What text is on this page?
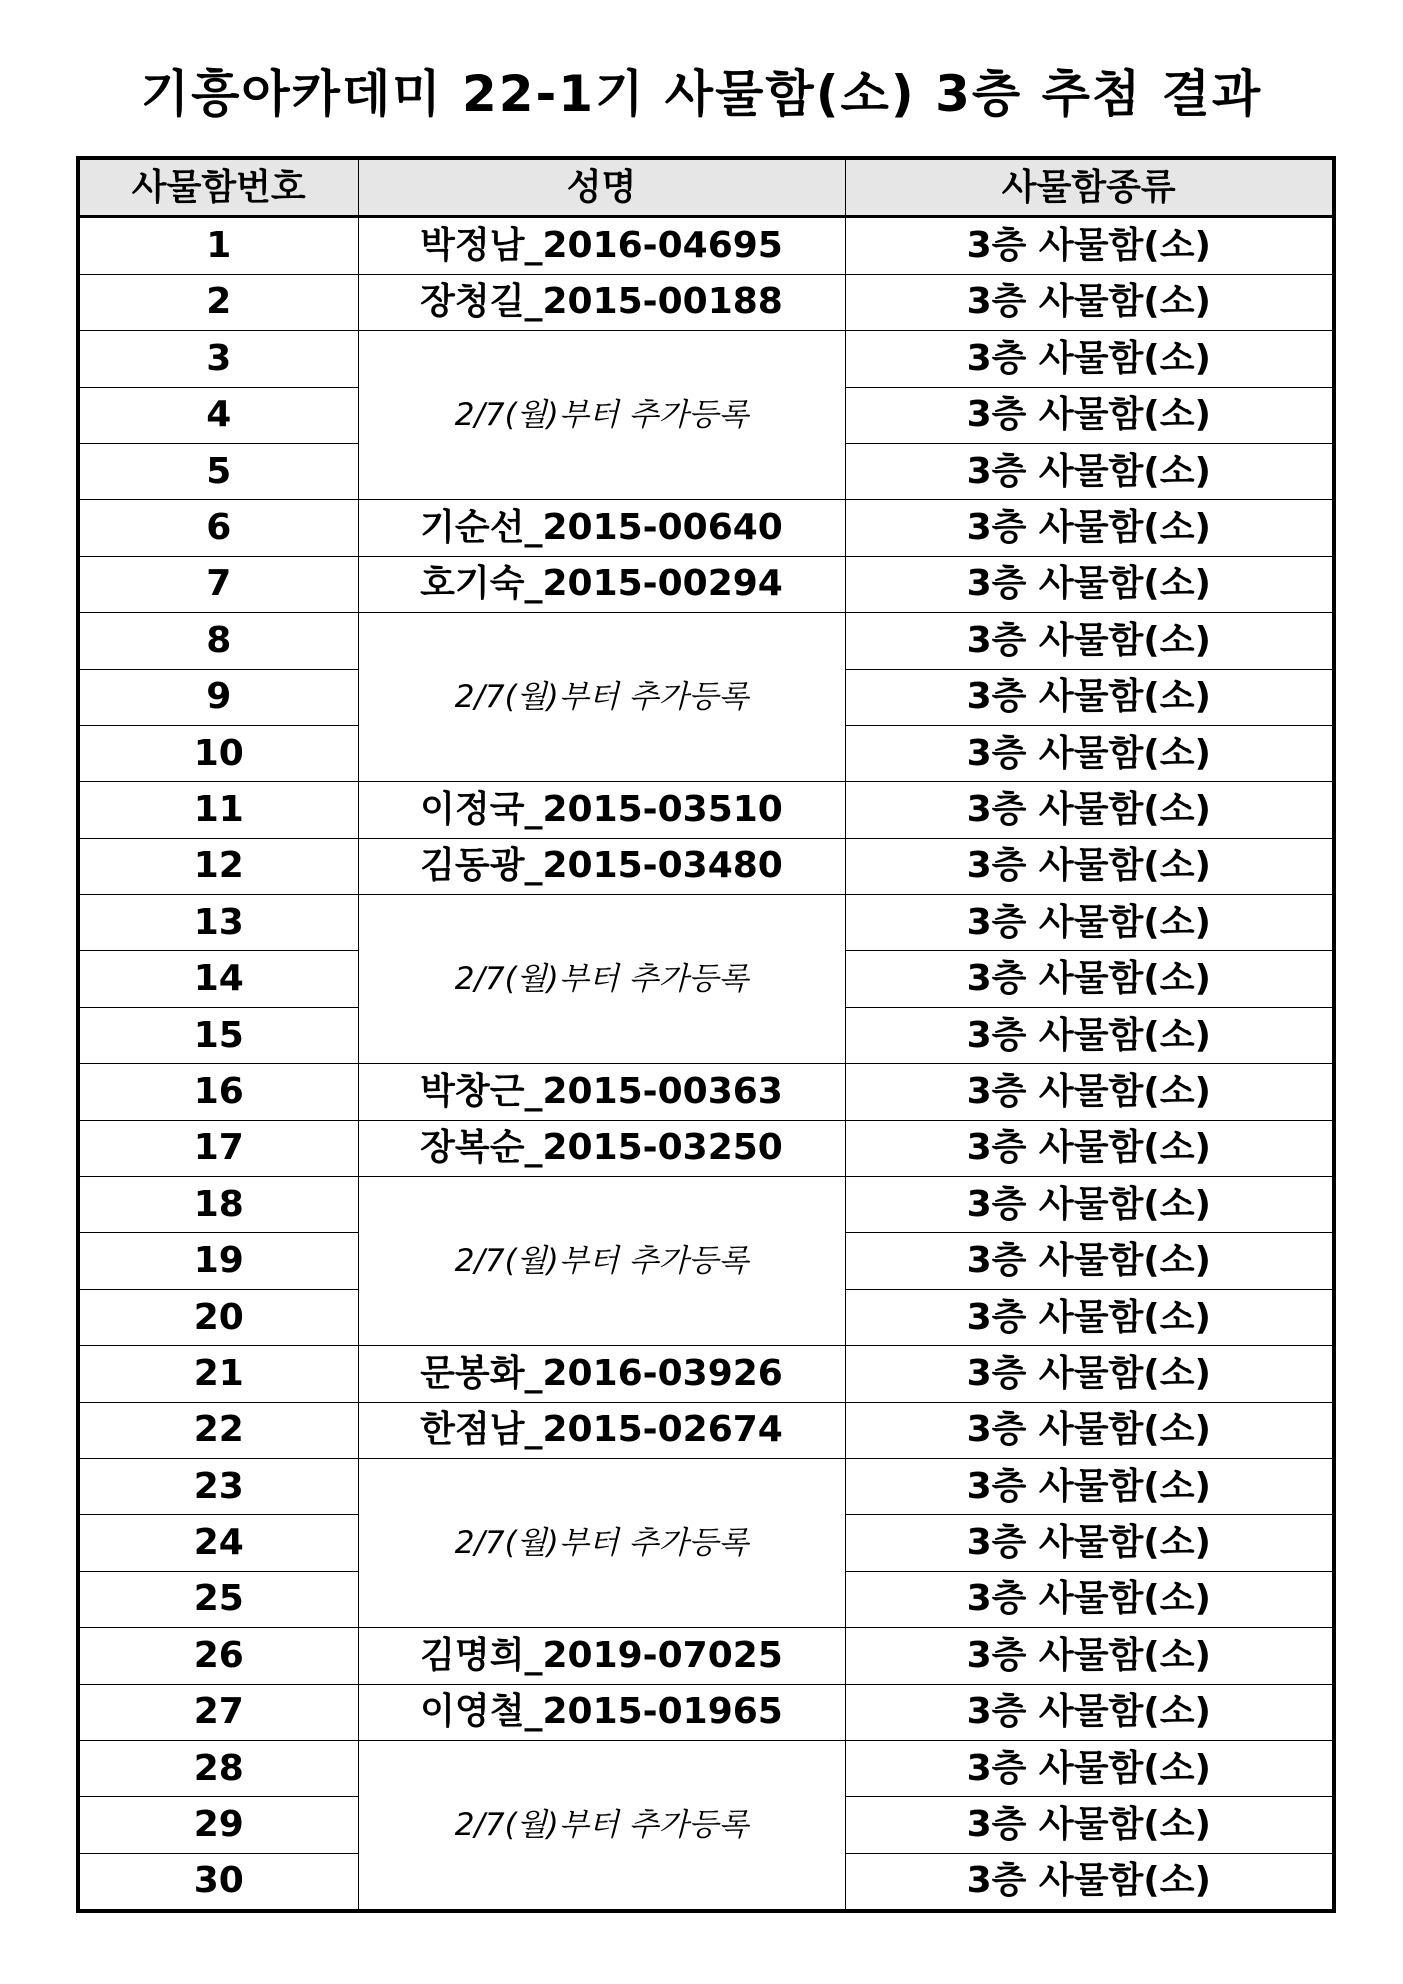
기흥아카데미 22-1기 사물함(소) 3층 추첨 결과
사물함번호	성명	사물함종류
1	박정남_2016-04695	3층 사물함(소)
2	장청길_2015-00188	3층 사물함(소)
3	2/7(월)부터 추가등록	3층 사물함(소)
4		3층 사물함(소)
5		3층 사물함(소)
6	기순선_2015-00640	3층 사물함(소)
7	호기숙_2015-00294	3층 사물함(소)
8	2/7(월)부터 추가등록	3층 사물함(소)
9		3층 사물함(소)
10		3층 사물함(소)
11	이정국_2015-03510	3층 사물함(소)
12	김동광_2015-03480	3층 사물함(소)
13	2/7(월)부터 추가등록	3층 사물함(소)
14		3층 사물함(소)
15		3층 사물함(소)
16	박창근_2015-00363	3층 사물함(소)
17	장복순_2015-03250	3층 사물함(소)
18	2/7(월)부터 추가등록	3층 사물함(소)
19		3층 사물함(소)
20		3층 사물함(소)
21	문봉화_2016-03926	3층 사물함(소)
22	한점남_2015-02674	3층 사물함(소)
23	2/7(월)부터 추가등록	3층 사물함(소)
24		3층 사물함(소)
25		3층 사물함(소)
26	김명희_2019-07025	3층 사물함(소)
27	이영철_2015-01965	3층 사물함(소)
28	2/7(월)부터 추가등록	3층 사물함(소)
29		3층 사물함(소)
30		3층 사물함(소)
